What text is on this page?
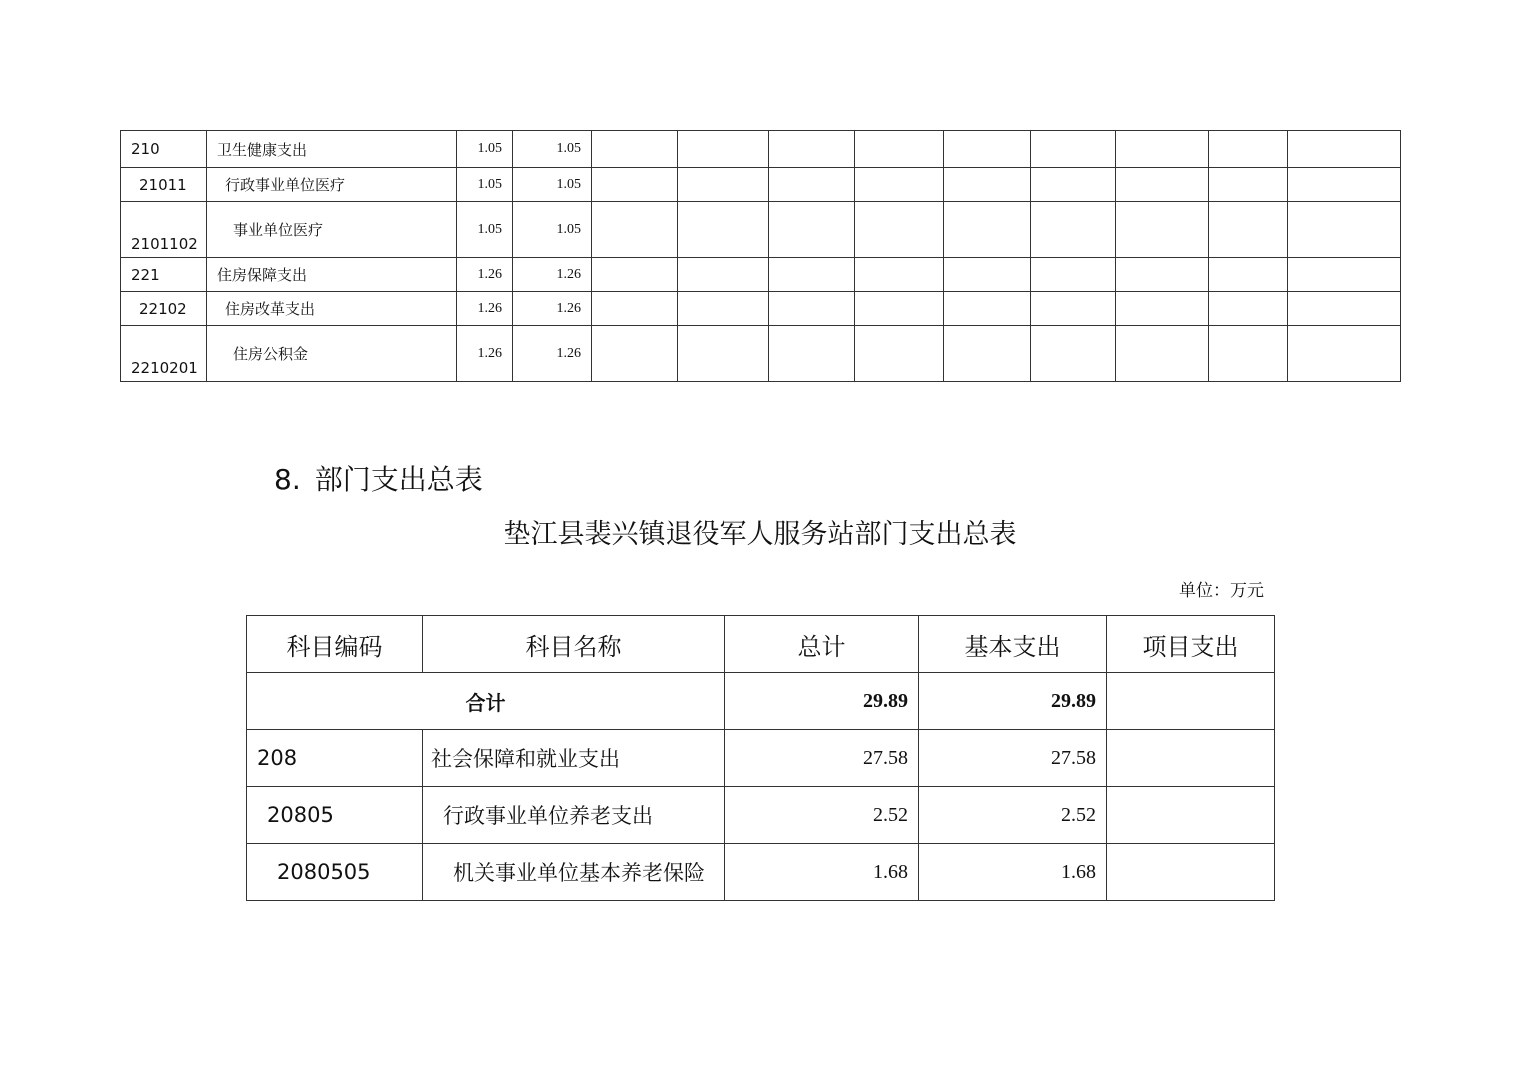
210	卫生健康支出	1.05	1.05									
21011	行政事业单位医疗	1.05	1.05									
2101102	事业单位医疗	1.05	1.05									
221	住房保障支出	1.26	1.26									
22102	住房改革支出	1.26	1.26									
2210201	住房公积金	1.26	1.26									
8. 部门支出总表
垫江县裴兴镇退役军人服务站部门支出总表
单位：万元
科目编码	科目名称	总计	基本支出	项目支出
合计		29.89	29.89	
208	社会保障和就业支出	27.58	27.58	
20805	行政事业单位养老支出	2.52	2.52	
2080505	机关事业单位基本养老保险	1.68	1.68	
